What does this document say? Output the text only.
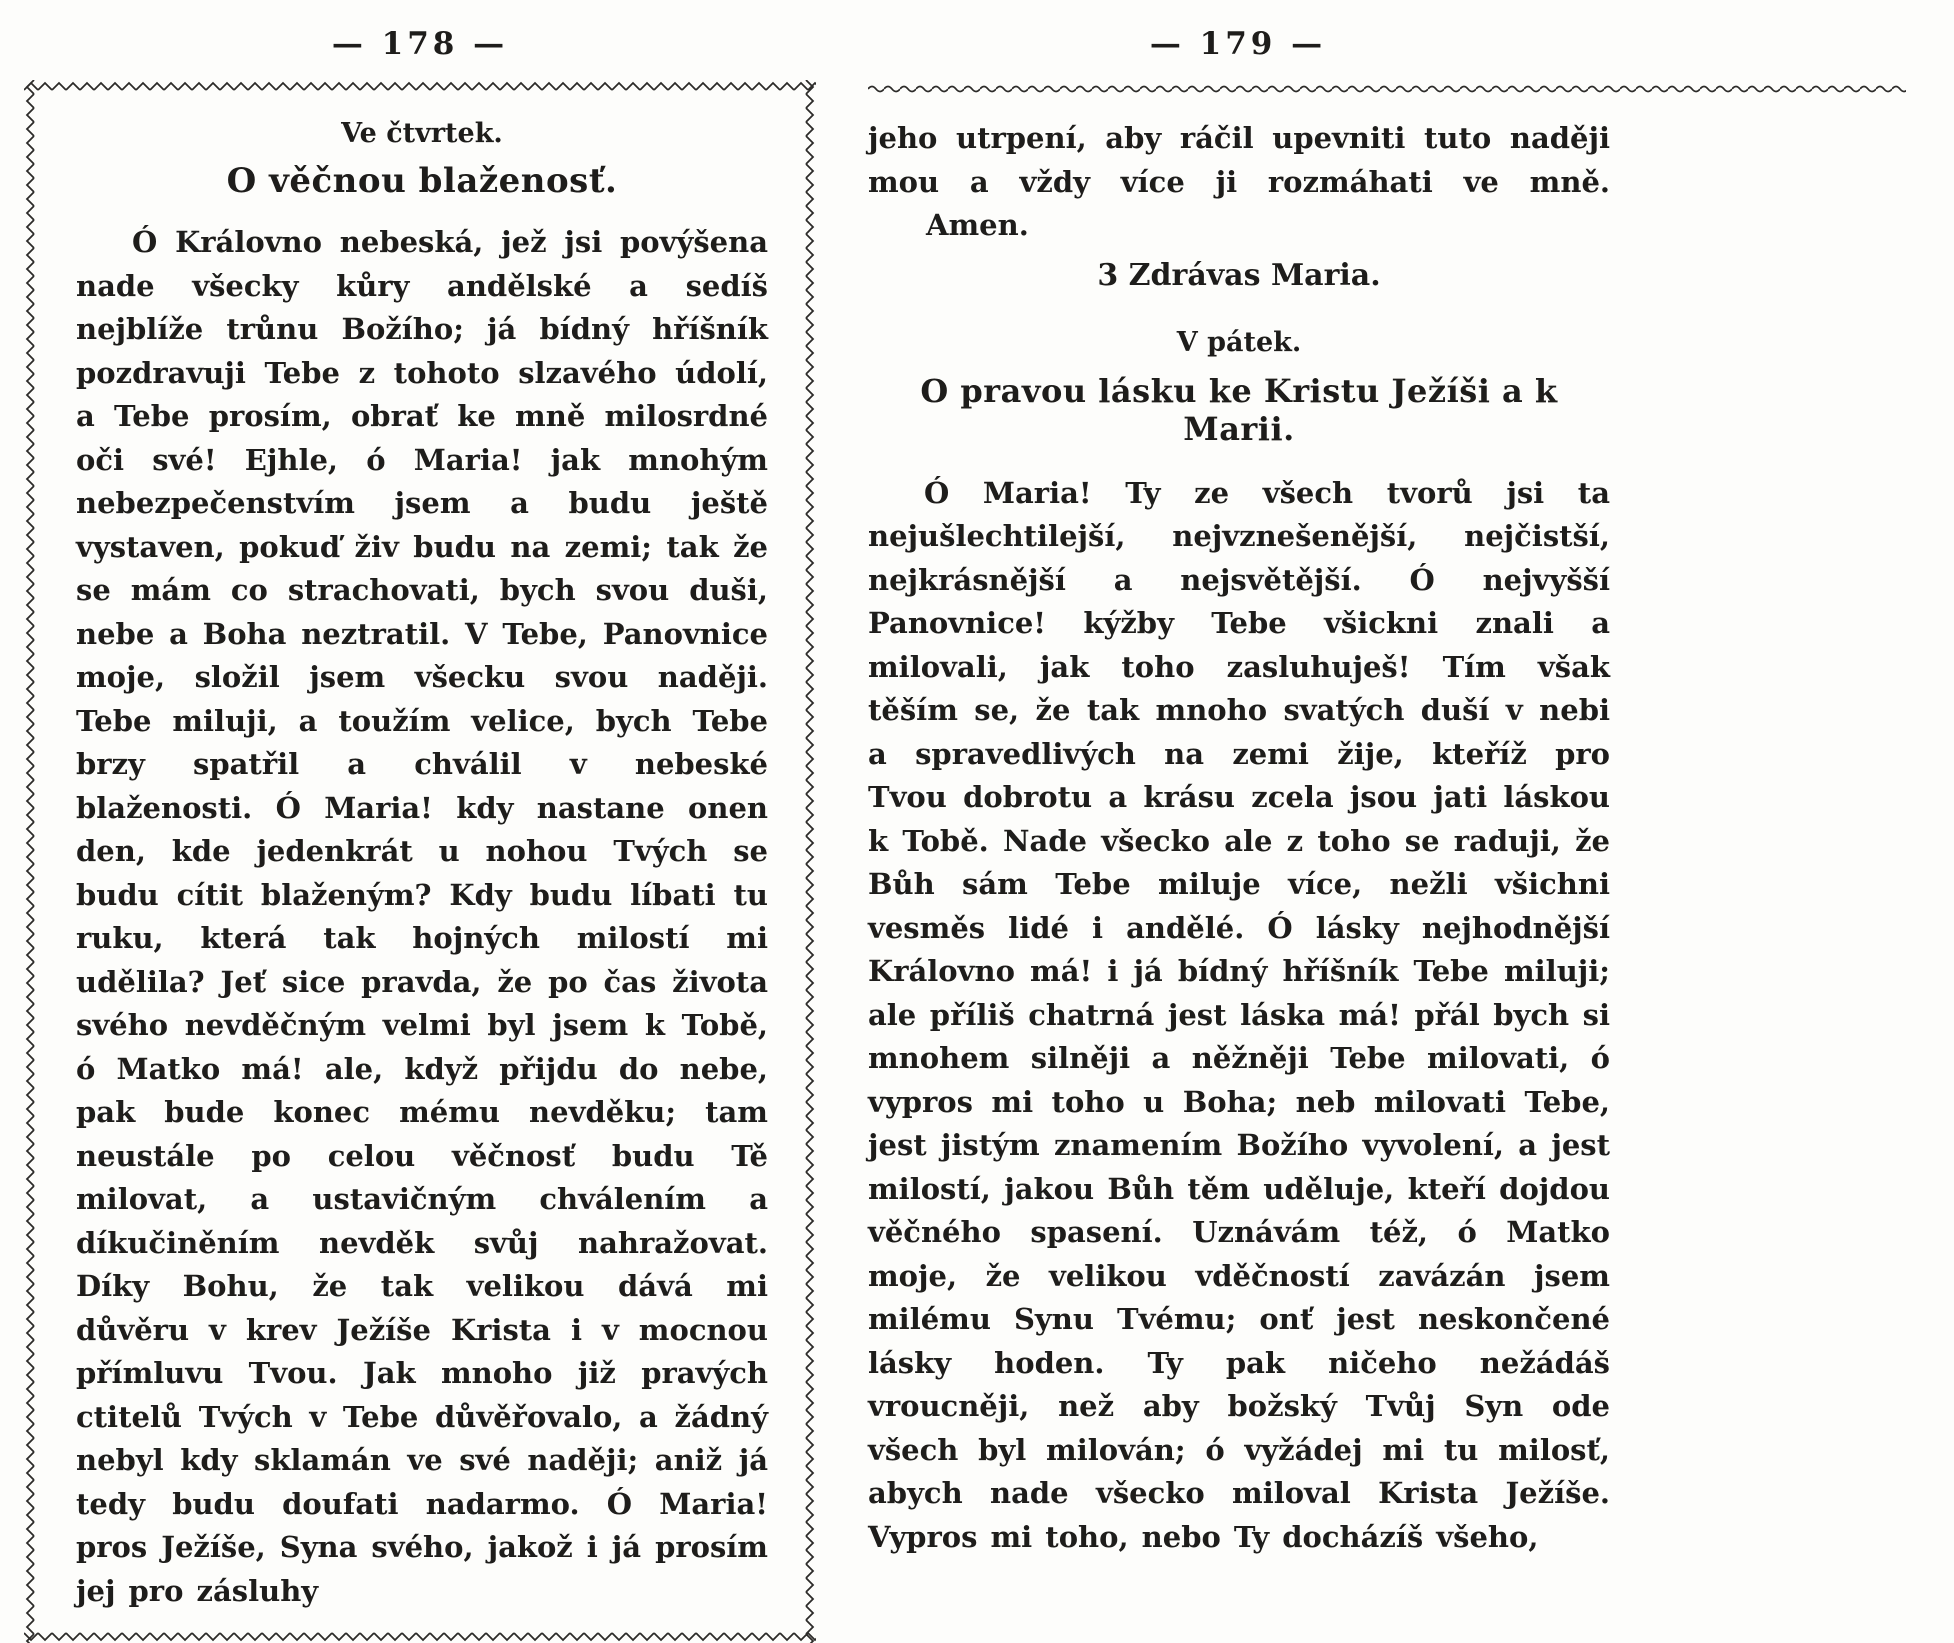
— 178 —
Ve čtvrtek.
O věčnou blaženosť.

Ó Královno nebeská, jež jsi povýšena nade všecky kůry andělské a sedíš nejblíže trůnu Božího; já bídný hříšník pozdravuji Tebe z tohoto slzavého údolí, a Tebe prosím, obrať ke mně milosrdné oči své! Ejhle, ó Maria! jak mnohým nebezpečenstvím jsem a budu ještě vystaven, pokuď živ budu na zemi; tak že se mám co strachovati, bych svou duši, nebe a Boha neztratil. V Tebe, Panovnice moje, složil jsem všecku svou naději. Tebe miluji, a toužím velice, bych Tebe brzy spatřil a chválil v nebeské blaženosti. Ó Maria! kdy nastane onen den, kde jedenkrát u nohou Tvých se budu cítit blaženým? Kdy budu líbati tu ruku, která tak hojných milostí mi udělila? Jeť sice pravda, že po čas života svého nevděčným velmi byl jsem k Tobě, ó Matko má! ale, když přijdu do nebe, pak bude konec mému nevděku; tam neustále po celou věčnosť budu Tě milovat, a ustavičným chválením a díkučiněním nevděk svůj nahražovat. Díky Bohu, že tak velikou dává mi důvěru v krev Ježíše Krista i v mocnou přímluvu Tvou. Jak mnoho již pravých ctitelů Tvých v Tebe důvěřovalo, a žádný nebyl kdy sklamán ve své naději; aniž já tedy budu doufati nadarmo. Ó Maria! pros Ježíše, Syna svého, jakož i já prosím jej pro zásluhy

— 179 —

jeho utrpení, aby ráčil upevniti tuto naději mou a vždy více ji rozmáhati ve mně. Amen.

3 Zdrávas Maria.
V pátek.
O pravou lásku ke Kristu Ježíši a k Marii.

Ó Maria! Ty ze všech tvorů jsi ta nejušlechtilejší, nejvznešenější, nejčistší, nejkrásnější a nejsvětější. Ó nejvyšší Panovnice! kýžby Tebe všickni znali a milovali, jak toho zasluhuješ! Tím však těším se, že tak mnoho svatých duší v nebi a spravedlivých na zemi žije, kteříž pro Tvou dobrotu a krásu zcela jsou jati láskou k Tobě. Nade všecko ale z toho se raduji, že Bůh sám Tebe miluje více, nežli všichni vesměs lidé i andělé. Ó lásky nejhodnější Královno má! i já bídný hříšník Tebe miluji; ale příliš chatrná jest láska má! přál bych si mnohem silněji a něžněji Tebe milovati, ó vypros mi toho u Boha; neb milovati Tebe, jest jistým znamením Božího vyvolení, a jest milostí, jakou Bůh těm uděluje, kteří dojdou věčného spasení. Uznávám též, ó Matko moje, že velikou vděčností zavázán jsem milému Synu Tvému; onť jest neskončené lásky hoden. Ty pak ničeho nežádáš vroucněji, než aby božský Tvůj Syn ode všech byl milován; ó vyžádej mi tu milosť, abych nade všecko miloval Krista Ježíše. Vypros mi toho, nebo Ty docházíš všeho,
